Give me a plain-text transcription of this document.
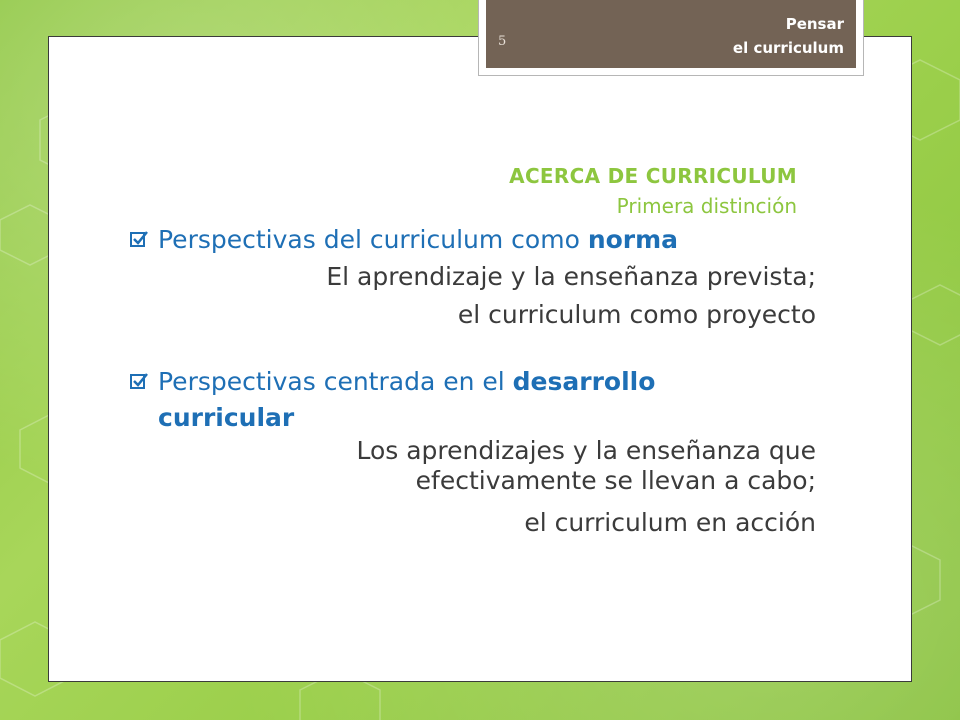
ACERCA DE CURRICULUM

Primera distinción

5
Pensar
el curriculum
Perspectivas del curriculum como norma
El aprendizaje y la enseñanza prevista;
el curriculum como proyecto
Perspectivas centrada en el desarrollo curricular
Los aprendizajes y la enseñanza que
efectivamente se llevan a cabo;
el curriculum en acción
